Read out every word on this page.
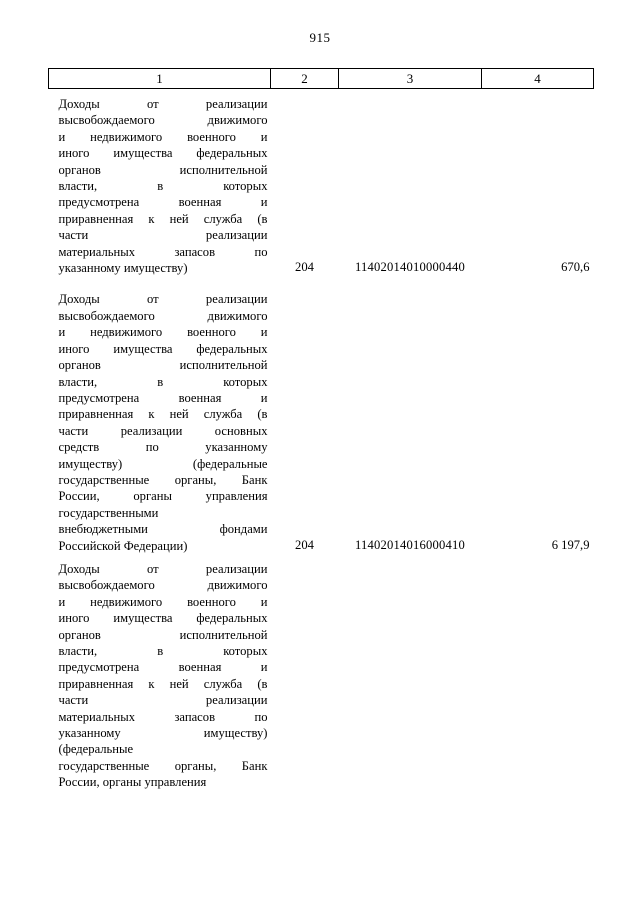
915
1	2	3	4

Доходы от реализации
высвобождаемого движимого
и недвижимого военного и
иного имущества федеральных
органов исполнительной
власти, в которых
предусмотрена военная и
приравненная к ней служба (в
части реализации
материальных запасов по
указанному имуществу)	204	11402014010000440	670,6

Доходы от реализации
высвобождаемого движимого
и недвижимого военного и
иного имущества федеральных
органов исполнительной
власти, в которых
предусмотрена военная и
приравненная к ней служба (в
части реализации основных
средств по указанному
имуществу) (федеральные
государственные органы, Банк
России, органы управления
государственными
внебюджетными фондами
Российской Федерации)	204	11402014016000410	6 197,9

Доходы от реализации
высвобождаемого движимого
и недвижимого военного и
иного имущества федеральных
органов исполнительной
власти, в которых
предусмотрена военная и
приравненная к ней служба (в
части реализации
материальных запасов по
указанному имуществу)
(федеральные
государственные органы, Банк
России, органы управления
